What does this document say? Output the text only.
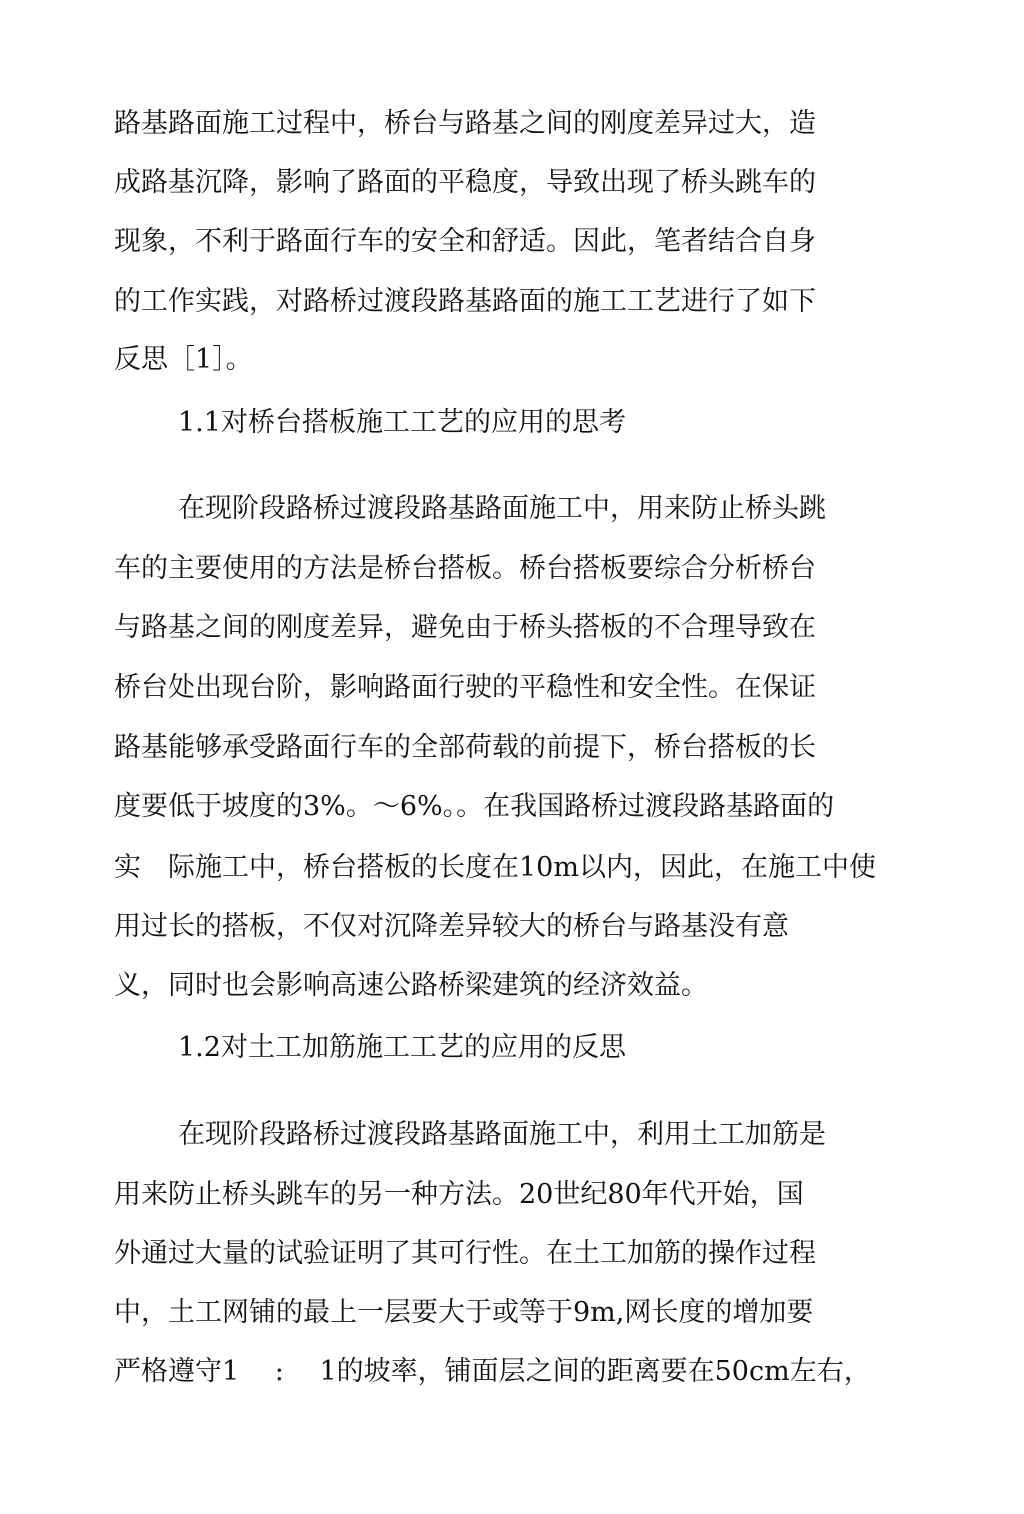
路基路面施工过程中，桥台与路基之间的刚度差异过大，造
成路基沉降，影响了路面的平稳度，导致出现了桥头跳车的
现象，不利于路面行车的安全和舒适。因此，笔者结合自身
的工作实践，对路桥过渡段路基路面的施工工艺进行了如下
反思［1］。
1.1对桥台搭板施工工艺的应用的思考
在现阶段路桥过渡段路基路面施工中，用来防止桥头跳
车的主要使用的方法是桥台搭板。桥台搭板要综合分析桥台
与路基之间的刚度差异，避免由于桥头搭板的不合理导致在
桥台处出现台阶，影响路面行驶的平稳性和安全性。在保证
路基能够承受路面行车的全部荷载的前提下，桥台搭板的长
度要低于坡度的3%。～6%。。在我国路桥过渡段路基路面的
实　际施工中，桥台搭板的长度在10m以内，因此，在施工中使
用过长的搭板，不仅对沉降差异较大的桥台与路基没有意
义，同时也会影响高速公路桥梁建筑的经济效益。
1.2对土工加筋施工工艺的应用的反思
在现阶段路桥过渡段路基路面施工中，利用土工加筋是
用来防止桥头跳车的另一种方法。20世纪80年代开始，国
外通过大量的试验证明了其可行性。在土工加筋的操作过程
中，土工网铺的最上一层要大于或等于9m,网长度的增加要
严格遵守1　 :　 1的坡率，铺面层之间的距离要在50cm左右，
